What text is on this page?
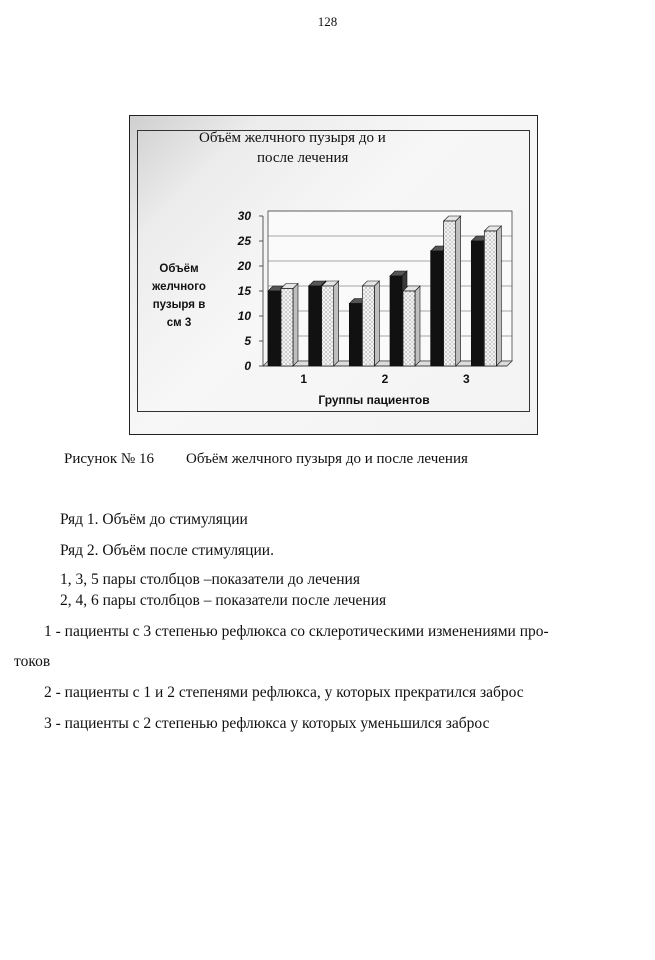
128
Объём желчного пузыря до и
после лечения
Объём
желчного
пузыря в
см 3
0
5
10
15
20
25
30
1	2	3
Группы пациентов
Рисунок № 16 Объём желчного пузыря до и после лечения
Ряд 1. Объём до стимуляции
Ряд 2. Объём после стимуляции.
1, 3, 5 пары столбцов –показатели до лечения
2, 4, 6 пары столбцов – показатели после лечения
1 - пациенты с 3 степенью рефлюкса со склеротическими изменениями про-
токов
2 - пациенты с 1 и 2 степенями рефлюкса, у которых прекратился заброс
3 - пациенты с 2 степенью рефлюкса у которых уменьшился заброс
